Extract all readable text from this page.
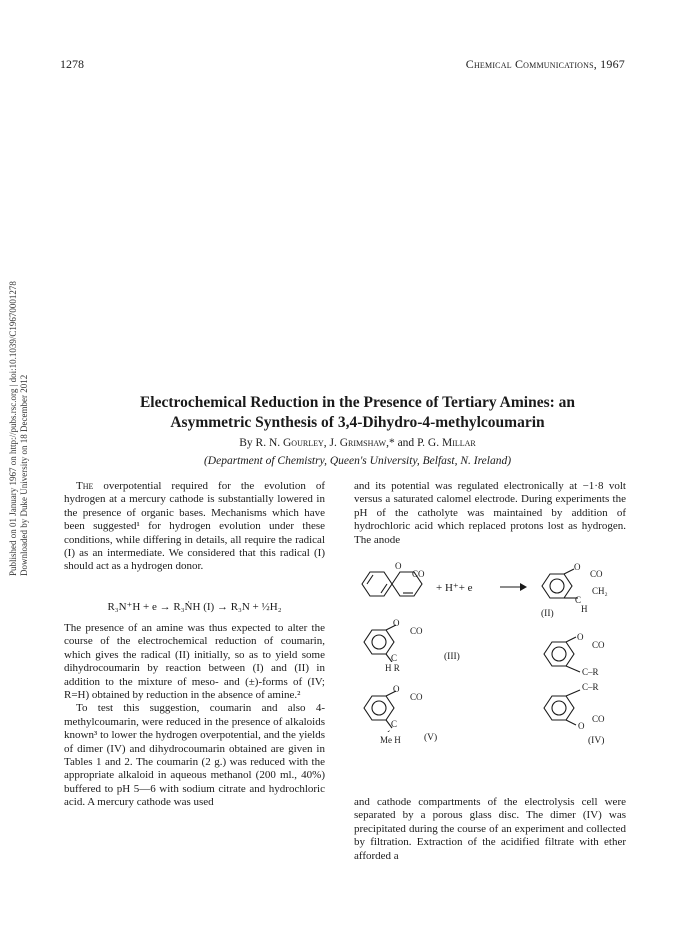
1278	Chemical Communications, 1967
Published on 01 January 1967 on http://pubs.rsc.org | doi:10.1039/C19670001278 Downloaded by Duke University on 18 December 2012	Electrochemical Reduction in the Presence of Tertiary Amines: an
Asymmetric Synthesis of 3,4-Dihydro-4-methylcoumarin
By R. N. Gourley, J. Grimshaw,* and P. G. Millar
(Department of Chemistry, Queen's University, Belfast, N. Ireland)

The overpotential required for the evolution of hydrogen at a mercury cathode is substantially lowered in the presence of organic bases. Mechanisms which have been suggested¹ for hydrogen evolution under these conditions, while differing in details, all require the radical (I) as an intermediate. We considered that this radical (I) should act as a hydrogen donor.

R₃N⁺H + e → R₃ṄH (I) → R₃N + ½H₂

The presence of an amine was thus expected to alter the course of the electrochemical reduction of coumarin, which gives the radical (II) initially, so as to yield some dihydrocoumarin by reaction between (I) and (II) in addition to the mixture of meso- and (±)-forms of (IV; R=H) obtained by reduction in the absence of amine.²

To test this suggestion, coumarin and also 4-methylcoumarin, were reduced in the presence of alkaloids known³ to lower the hydrogen overpotential, and the yields of dimer (IV) and dihydrocoumarin obtained are given in Tables 1 and 2. The coumarin (2 g.) was reduced with the appropriate alkaloid in aqueous methanol (200 ml., 40%) buffered to pH 5—6 with sodium citrate and hydrochloric acid. A mercury cathode was used

and its potential was regulated electronically at −1·8 volt versus a saturated calomel electrode. During experiments the pH of the catholyte was maintained by addition of hydrochloric acid which replaced protons lost as hydrogen. The anode

and cathode compartments of the electrolysis cell were separated by a porous glass disc. The dimer (IV) was precipitated during the course of an experiment and collected by filtration. Extraction of the acidified filtrate with ether afforded a

O
CO
+ H⁺+ e
O
CO
CH₂
C
H
(II)
O
CO
C
H R
(III)
O
CO
C–R
C–R
CO
O
(IV)
O
CO
C
Me H (V)
